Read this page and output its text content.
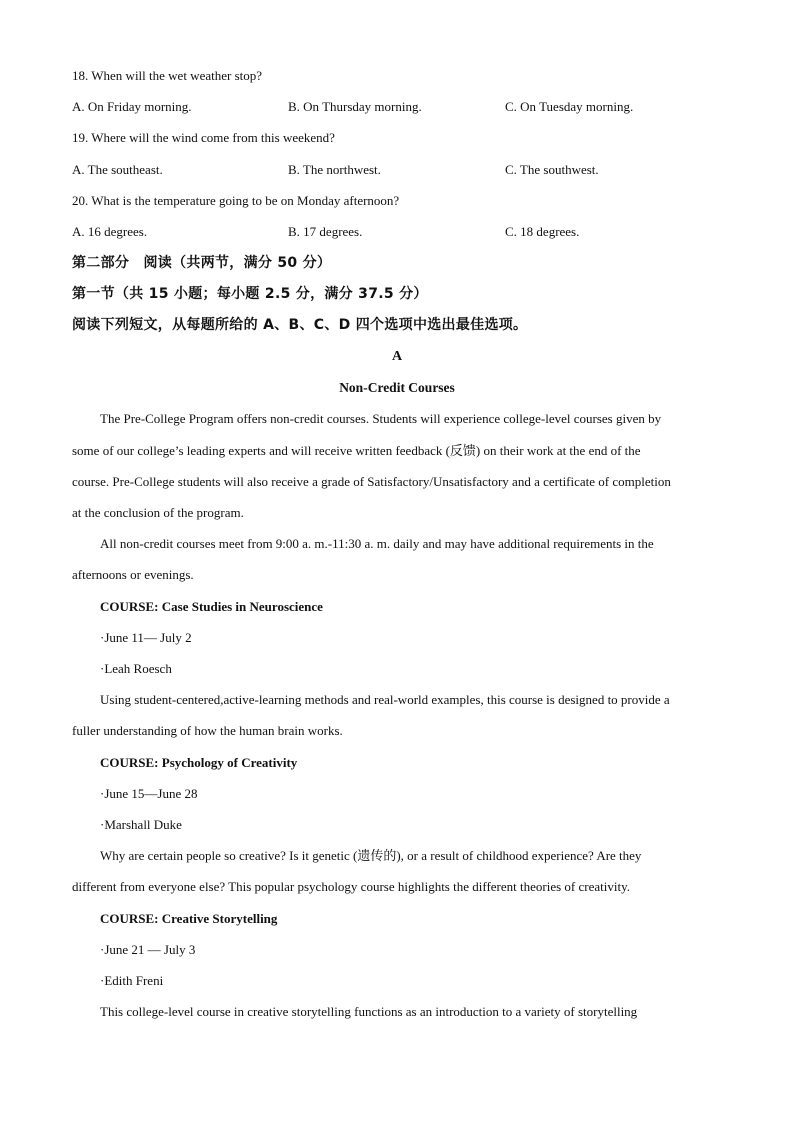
18. When will the wet weather stop?
A. On Friday morning.	B. On Thursday morning.	C. On Tuesday morning.
19. Where will the wind come from this weekend?
A. The southeast.	B. The northwest.	C. The southwest.
20. What is the temperature going to be on Monday afternoon?
A. 16 degrees.	B. 17 degrees.	C. 18 degrees.
第二部分　阅读（共两节，满分 50 分）
第一节（共 15 小题；每小题 2.5 分，满分 37.5 分）
阅读下列短文，从每题所给的 A、B、C、D 四个选项中选出最佳选项。
A
Non-Credit Courses
The Pre-College Program offers non-credit courses. Students will experience college-level courses given by
some of our college’s leading experts and will receive written feedback (反馈) on their work at the end of the
course. Pre-College students will also receive a grade of Satisfactory/Unsatisfactory and a certificate of completion
at the conclusion of the program.
All non-credit courses meet from 9:00 a. m.-11:30 a. m. daily and may have additional requirements in the
afternoons or evenings.
COURSE: Case Studies in Neuroscience
·June 11— July 2
·Leah Roesch
Using student-centered,active-learning methods and real-world examples, this course is designed to provide a
fuller understanding of how the human brain works.
COURSE: Psychology of Creativity
·June 15—June 28
·Marshall Duke
Why are certain people so creative? Is it genetic (遗传的), or a result of childhood experience? Are they
different from everyone else? This popular psychology course highlights the different theories of creativity.
COURSE: Creative Storytelling
·June 21 — July 3
·Edith Freni
This college-level course in creative storytelling functions as an introduction to a variety of storytelling
